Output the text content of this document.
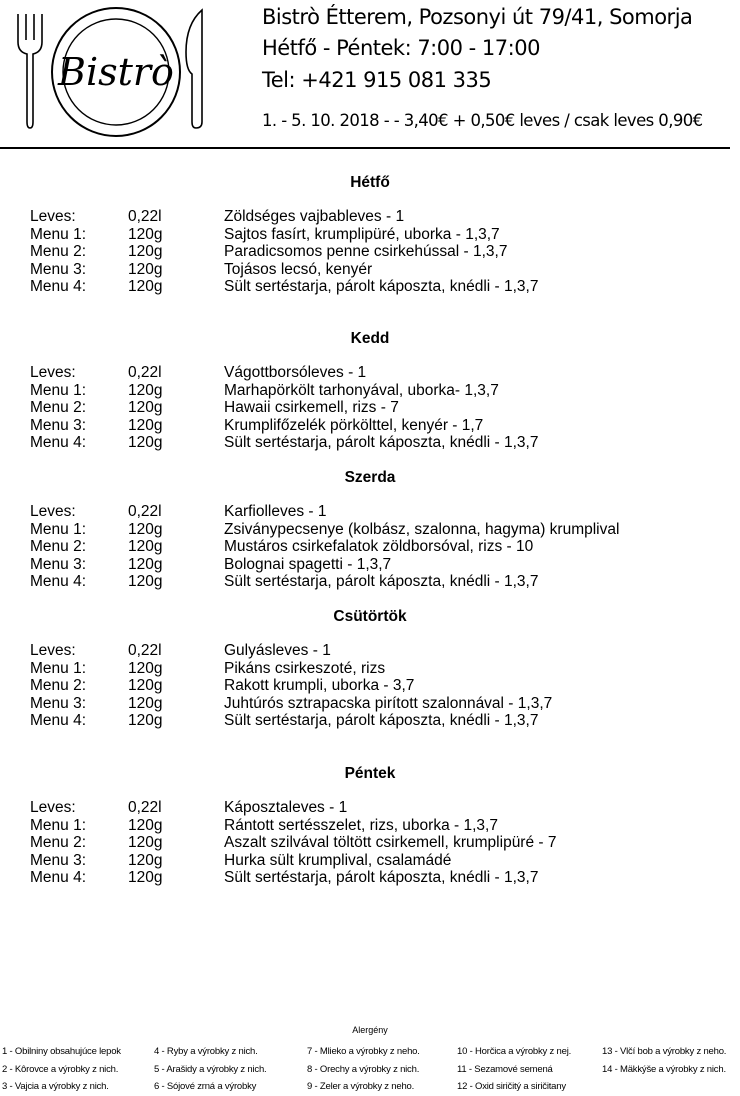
Bistrò
Bistrò Étterem, Pozsonyi út 79/41, Somorja
Hétfő - Péntek: 7:00 - 17:00
Tel: +421 915 081 335
1. - 5. 10. 2018 - - 3,40€ + 0,50€ leves / csak leves 0,90€
Hétfő
Leves:	0,22l	Zöldséges vajbableves - 1
Menu 1:	120g	Sajtos fasírt, krumplipüré, uborka - 1,3,7
Menu 2:	120g	Paradicsomos penne csirkehússal - 1,3,7
Menu 3:	120g	Tojásos lecsó, kenyér
Menu 4:	120g	Sült sertéstarja, párolt káposzta, knédli - 1,3,7
Kedd
Leves:	0,22l	Vágottborsóleves - 1
Menu 1:	120g	Marhapörkölt tarhonyával, uborka- 1,3,7
Menu 2:	120g	Hawaii csirkemell, rizs - 7
Menu 3:	120g	Krumplifőzelék pörkölttel, kenyér - 1,7
Menu 4:	120g	Sült sertéstarja, párolt káposzta, knédli - 1,3,7
Szerda
Leves:	0,22l	Karfiolleves - 1
Menu 1:	120g	Zsiványpecsenye (kolbász, szalonna, hagyma) krumplival
Menu 2:	120g	Mustáros csirkefalatok zöldborsóval, rizs - 10
Menu 3:	120g	Bolognai spagetti - 1,3,7
Menu 4:	120g	Sült sertéstarja, párolt káposzta, knédli - 1,3,7
Csütörtök
Leves:	0,22l	Gulyásleves - 1
Menu 1:	120g	Pikáns csirkeszoté, rizs
Menu 2:	120g	Rakott krumpli, uborka - 3,7
Menu 3:	120g	Juhtúrós sztrapacska pirított szalonnával - 1,3,7
Menu 4:	120g	Sült sertéstarja, párolt káposzta, knédli - 1,3,7
Péntek
Leves:	0,22l	Káposztaleves - 1
Menu 1:	120g	Rántott sertésszelet, rizs, uborka - 1,3,7
Menu 2:	120g	Aszalt szilvával töltött csirkemell, krumplipüré - 7
Menu 3:	120g	Hurka sült krumplival, csalamádé
Menu 4:	120g	Sült sertéstarja, párolt káposzta, knédli - 1,3,7
Alergény
1 - Obilniny obsahujúce lepok
2 - Kôrovce a výrobky z nich.
3 - Vajcia a výrobky z nich.
4 - Ryby a výrobky z nich.
5 - Arašidy a výrobky z nich.
6 - Sójové zrná a výrobky
7 - Mlieko a výrobky z neho.
8 - Orechy a výrobky z nich.
9 - Zeler a výrobky z neho.
10 - Horčica a výrobky z nej.
11 - Sezamové semená
12 - Oxid siričitý a siričitany
13 - Vlčí bob a výrobky z neho.
14 - Mäkkýše a výrobky z nich.
